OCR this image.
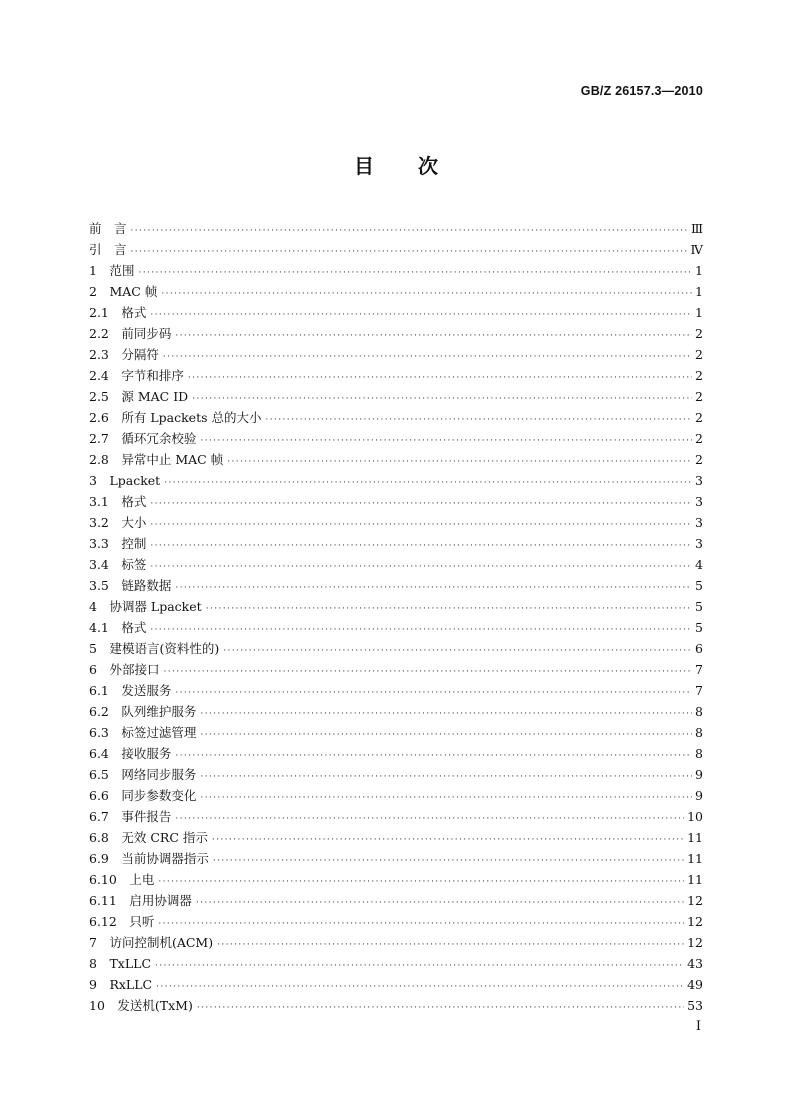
GB/Z 26157.3—2010
目 次
前　言 ·····	Ⅲ
引　言 ·····	Ⅳ
1　范围 ·····	1
2　MAC 帧 ·····	1
2.1　格式 ·····	1
2.2　前同步码 ·····	2
2.3　分隔符 ·····	2
2.4　字节和排序 ·····	2
2.5　源 MAC ID ·····	2
2.6　所有 Lpackets 总的大小 ·····	2
2.7　循环冗余校验 ·····	2
2.8　异常中止 MAC 帧 ·····	2
3　Lpacket ·····	3
3.1　格式 ·····	3
3.2　大小 ·····	3
3.3　控制 ·····	3
3.4　标签 ·····	4
3.5　链路数据 ·····	5
4　协调器 Lpacket ·····	5
4.1　格式 ·····	5
5　建模语言(资料性的) ·····	6
6　外部接口 ·····	7
6.1　发送服务 ·····	7
6.2　队列维护服务 ·····	8
6.3　标签过滤管理 ·····	8
6.4　接收服务 ·····	8
6.5　网络同步服务 ·····	9
6.6　同步参数变化 ·····	9
6.7　事件报告 ·····	10
6.8　无效 CRC 指示 ·····	11
6.9　当前协调器指示 ·····	11
6.10　上电 ·····	11
6.11　启用协调器 ·····	12
6.12　只听 ·····	12
7　访问控制机(ACM) ·····	12
8　TxLLC ·····	43
9　RxLLC ·····	49
10　发送机(TxM) ·····	53
Ⅰ
